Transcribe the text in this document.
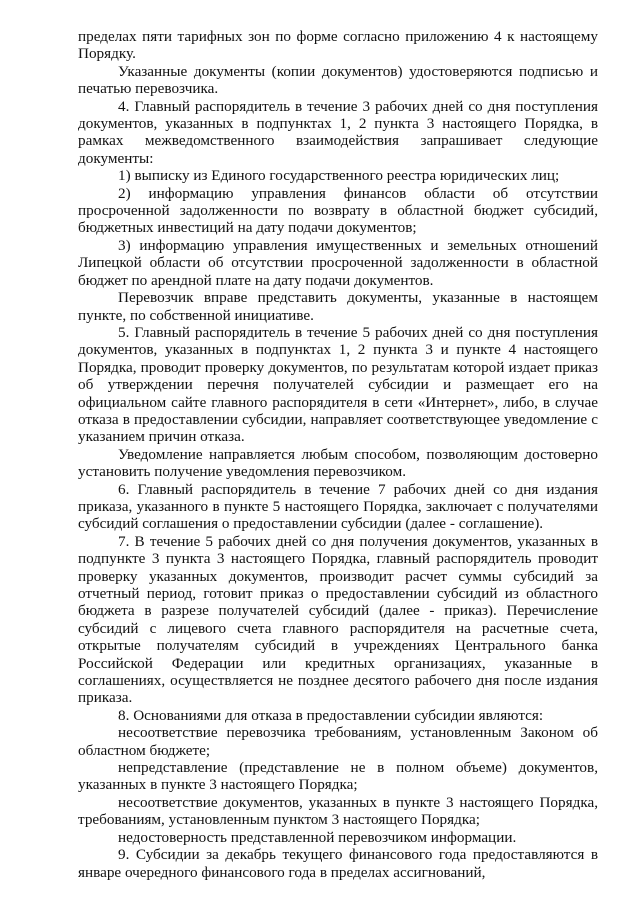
пределах пяти тарифных зон по форме согласно приложению 4 к настоящему Порядку.

Указанные документы (копии документов) удостоверяются подписью и печатью перевозчика.

4. Главный распорядитель в течение 3 рабочих дней со дня поступления документов, указанных в подпунктах 1, 2 пункта 3 настоящего Порядка, в рамках межведомственного взаимодействия запрашивает следующие документы:

1) выписку из Единого государственного реестра юридических лиц;

2) информацию управления финансов области об отсутствии просроченной задолженности по возврату в областной бюджет субсидий, бюджетных инвестиций на дату подачи документов;

3) информацию управления имущественных и земельных отношений Липецкой области об отсутствии просроченной задолженности в областной бюджет по арендной плате на дату подачи документов.

Перевозчик вправе представить документы, указанные в настоящем пункте, по собственной инициативе.

5. Главный распорядитель в течение 5 рабочих дней со дня поступления документов, указанных в подпунктах 1, 2 пункта 3 и пункте 4 настоящего Порядка, проводит проверку документов, по результатам которой издает приказ об утверждении перечня получателей субсидии и размещает его на официальном сайте главного распорядителя в сети «Интернет», либо, в случае отказа в предоставлении субсидии, направляет соответствующее уведомление с указанием причин отказа.

Уведомление направляется любым способом, позволяющим достоверно установить получение уведомления перевозчиком.

6. Главный распорядитель в течение 7 рабочих дней со дня издания приказа, указанного в пункте 5 настоящего Порядка, заключает с получателями субсидий соглашения о предоставлении субсидии (далее - соглашение).

7. В течение 5 рабочих дней со дня получения документов, указанных в подпункте 3 пункта 3 настоящего Порядка, главный распорядитель проводит проверку указанных документов, производит расчет суммы субсидий за отчетный период, готовит приказ о предоставлении субсидий из областного бюджета в разрезе получателей субсидий (далее - приказ). Перечисление субсидий с лицевого счета главного распорядителя на расчетные счета, открытые получателям субсидий в учреждениях Центрального банка Российской Федерации или кредитных организациях, указанные в соглашениях, осуществляется не позднее десятого рабочего дня после издания приказа.

8. Основаниями для отказа в предоставлении субсидии являются:

несоответствие перевозчика требованиям, установленным Законом об областном бюджете;

непредставление (представление не в полном объеме) документов, указанных в пункте 3 настоящего Порядка;

несоответствие документов, указанных в пункте 3 настоящего Порядка, требованиям, установленным пунктом 3 настоящего Порядка;

недостоверность представленной перевозчиком информации.

9. Субсидии за декабрь текущего финансового года предоставляются в январе очередного финансового года в пределах ассигнований,
